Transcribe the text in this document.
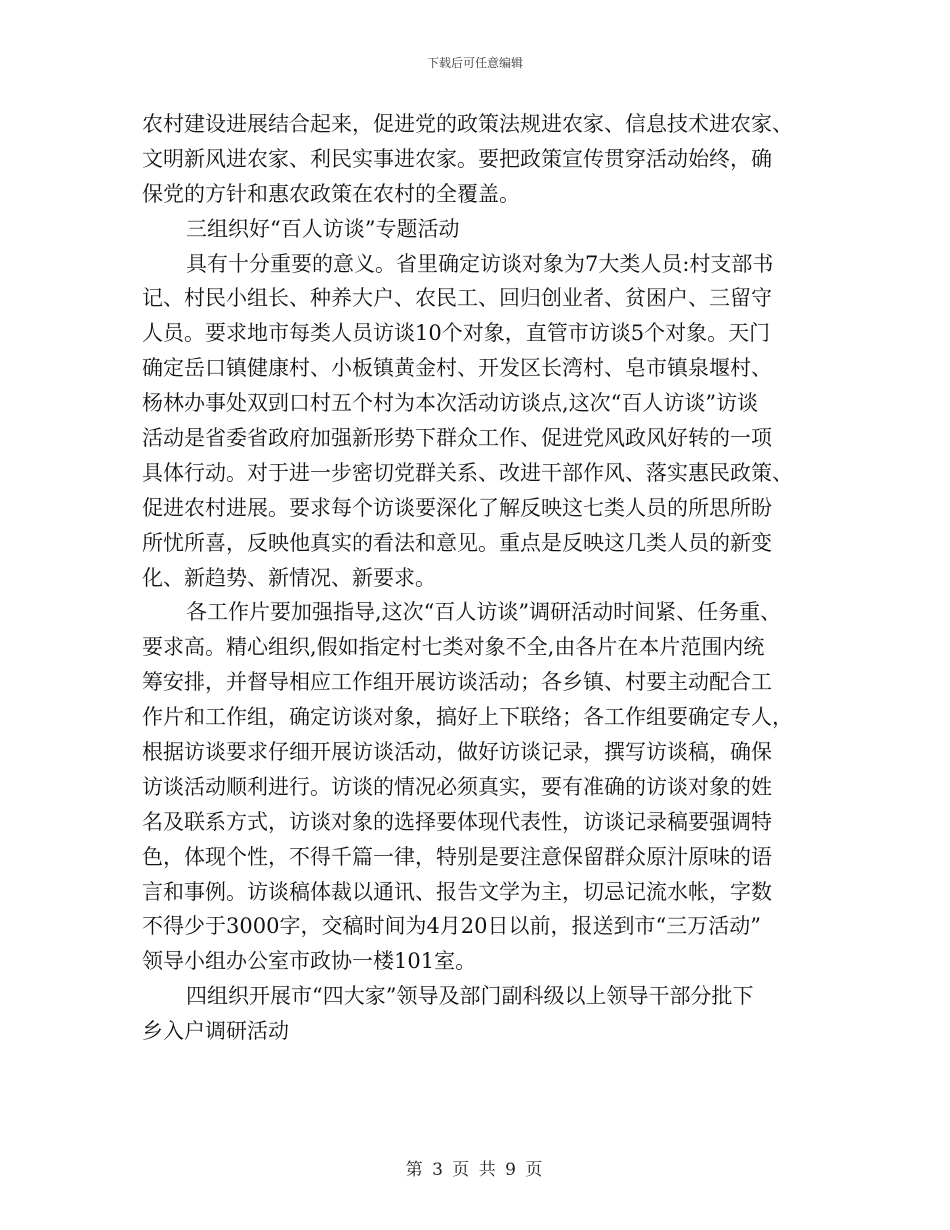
下载后可任意编辑
农村建设进展结合起来，促进党的政策法规进农家、信息技术进农家、
文明新风进农家、利民实事进农家。要把政策宣传贯穿活动始终，确
保党的方针和惠农政策在农村的全覆盖。
三组织好“百人访谈”专题活动
具有十分重要的意义。省里确定访谈对象为7大类人员:村支部书
记、村民小组长、种养大户、农民工、回归创业者、贫困户、三留守
人员。要求地市每类人员访谈10个对象，直管市访谈5个对象。天门
确定岳口镇健康村、小板镇黄金村、开发区长湾村、皂市镇泉堰村、
杨林办事处双剅口村五个村为本次活动访谈点,这次“百人访谈”访谈
活动是省委省政府加强新形势下群众工作、促进党风政风好转的一项
具体行动。对于进一步密切党群关系、改进干部作风、落实惠民政策、
促进农村进展。要求每个访谈要深化了解反映这七类人员的所思所盼
所忧所喜，反映他真实的看法和意见。重点是反映这几类人员的新变
化、新趋势、新情况、新要求。
各工作片要加强指导,这次“百人访谈”调研活动时间紧、任务重、
要求高。精心组织,假如指定村七类对象不全,由各片在本片范围内统
筹安排，并督导相应工作组开展访谈活动；各乡镇、村要主动配合工
作片和工作组，确定访谈对象，搞好上下联络；各工作组要确定专人，
根据访谈要求仔细开展访谈活动，做好访谈记录，撰写访谈稿，确保
访谈活动顺利进行。访谈的情况必须真实，要有准确的访谈对象的姓
名及联系方式，访谈对象的选择要体现代表性，访谈记录稿要强调特
色，体现个性，不得千篇一律，特别是要注意保留群众原汁原味的语
言和事例。访谈稿体裁以通讯、报告文学为主，切忌记流水帐，字数
不得少于3000字，交稿时间为4月20日以前，报送到市“三万活动”
领导小组办公室市政协一楼101室。
四组织开展市“四大家”领导及部门副科级以上领导干部分批下
乡入户调研活动
第 3 页 共 9 页
